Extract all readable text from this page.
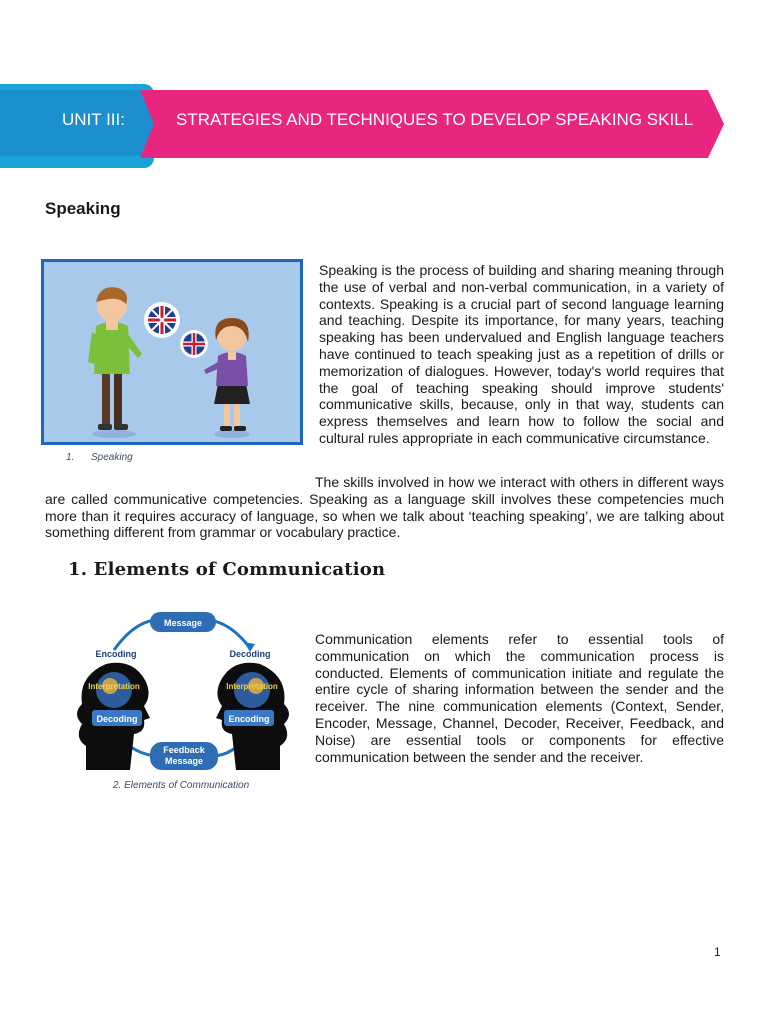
UNIT III:	STRATEGIES AND TECHNIQUES TO DEVELOP SPEAKING SKILL
Speaking
1.      Speaking
Speaking is the process of building and sharing meaning through the use of verbal and non-verbal communication, in a variety of contexts. Speaking is a crucial part of second language learning and teaching. Despite its importance, for many years, teaching speaking has been undervalued and English language teachers have continued to teach speaking just as a repetition of drills or memorization of dialogues. However, today's world requires that the goal of teaching speaking should improve students' communicative skills, because, only in that way, students can express themselves and learn how to follow the social and cultural rules appropriate in each communicative circumstance.
The skills involved in how we interact with others in different ways are called communicative competencies. Speaking as a language skill involves these competencies much more than it requires accuracy of language, so when we talk about ‘teaching speaking’, we are talking about something different from grammar or vocabulary practice.
1. Elements of Communication
Message
Encoding	Decoding
Interpretation	Interpretation
Decoding	Encoding
Feedback
Message
2. Elements of Communication
Communication elements refer to essential tools of communication on which the communication process is conducted. Elements of communication initiate and regulate the entire cycle of sharing information between the sender and the receiver. The nine communication elements (Context, Sender, Encoder, Message, Channel, Decoder, Receiver, Feedback, and Noise) are essential tools or components for effective communication between the sender and the receiver.
1
